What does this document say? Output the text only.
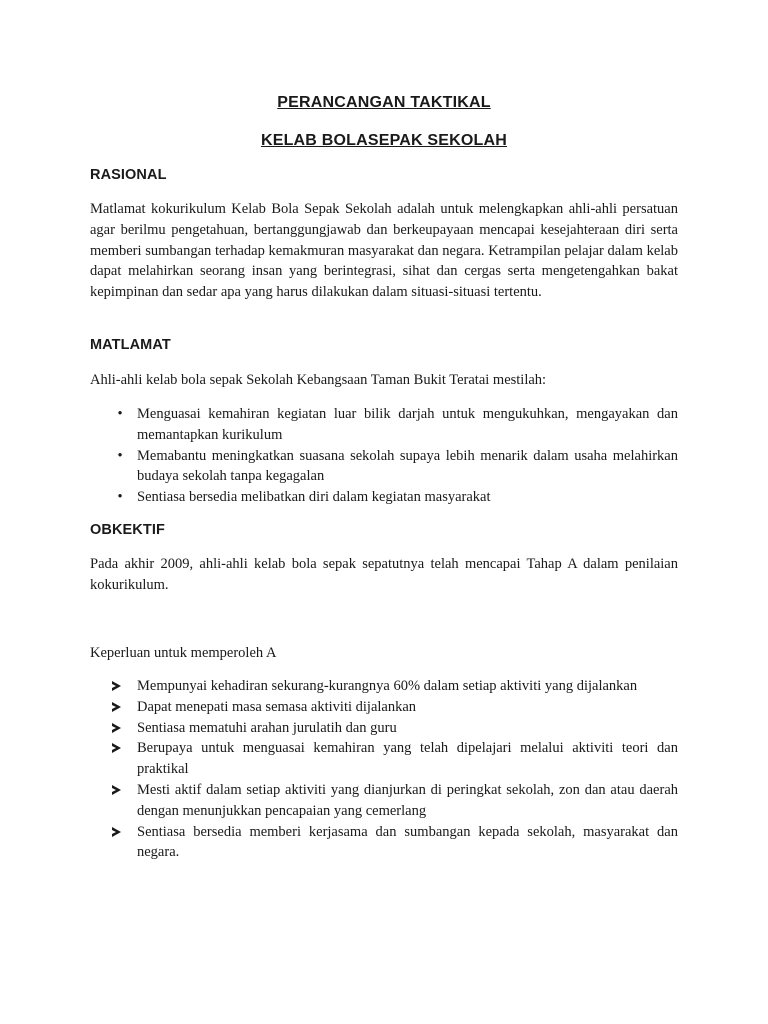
PERANCANGAN TAKTIKAL
KELAB BOLASEPAK SEKOLAH
RASIONAL

Matlamat kokurikulum Kelab Bola Sepak Sekolah adalah untuk melengkapkan ahli-ahli persatuan agar berilmu pengetahuan, bertanggungjawab dan berkeupayaan mencapai kesejahteraan diri serta memberi sumbangan terhadap kemakmuran masyarakat dan negara. Ketrampilan pelajar dalam kelab dapat melahirkan seorang insan yang berintegrasi, sihat dan cergas serta mengetengahkan bakat kepimpinan dan sedar apa yang harus dilakukan dalam situasi-situasi tertentu.

MATLAMAT

Ahli-ahli kelab bola sepak Sekolah Kebangsaan Taman Bukit Teratai mestilah:

• Menguasai kemahiran kegiatan luar bilik darjah untuk mengukuhkan, mengayakan dan memantapkan kurikulum
• Memabantu meningkatkan suasana sekolah supaya lebih menarik dalam usaha melahirkan budaya sekolah tanpa kegagalan
• Sentiasa bersedia melibatkan diri dalam kegiatan masyarakat
OBKEKTIF

Pada akhir 2009, ahli-ahli kelab bola sepak sepatutnya telah mencapai Tahap A dalam penilaian kokurikulum.

Keperluan untuk memperoleh A

Mempunyai kehadiran sekurang-kurangnya 60% dalam setiap aktiviti yang dijalankan
Dapat menepati masa semasa aktiviti dijalankan
Sentiasa mematuhi arahan jurulatih dan guru
Berupaya untuk menguasai kemahiran yang telah dipelajari melalui aktiviti teori dan praktikal
Mesti aktif dalam setiap aktiviti yang dianjurkan di peringkat sekolah, zon dan atau daerah dengan menunjukkan pencapaian yang cemerlang
Sentiasa bersedia memberi kerjasama dan sumbangan kepada sekolah, masyarakat dan negara.
